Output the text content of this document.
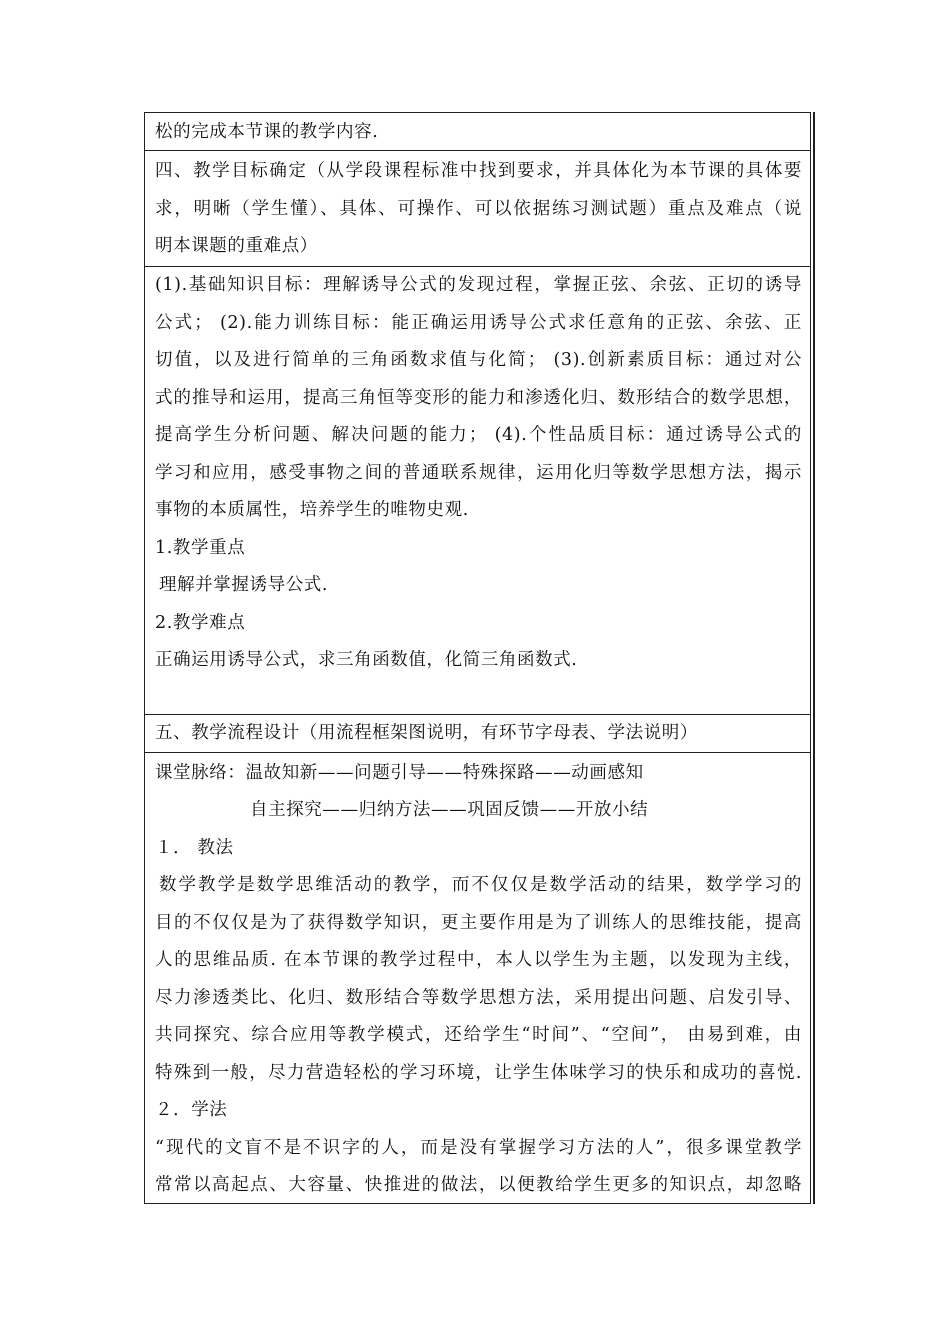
松的完成本节课的教学内容.
四、教学目标确定（从学段课程标准中找到要求，并具体化为本节课的具体要
求，明晰（学生懂）、具体、可操作、可以依据练习测试题）重点及难点（说
明本课题的重难点）
(1).基础知识目标：理解诱导公式的发现过程，掌握正弦、余弦、正切的诱导
公式； (2).能力训练目标：能正确运用诱导公式求任意角的正弦、余弦、正
切值，以及进行简单的三角函数求值与化简； (3).创新素质目标：通过对公
式的推导和运用，提高三角恒等变形的能力和渗透化归、数形结合的数学思想，
提高学生分析问题、解决问题的能力； (4).个性品质目标：通过诱导公式的
学习和应用，感受事物之间的普通联系规律，运用化归等数学思想方法，揭示
事物的本质属性，培养学生的唯物史观.
1.教学重点
理解并掌握诱导公式.
2.教学难点
正确运用诱导公式，求三角函数值，化简三角函数式.
五、教学流程设计（用流程框架图说明，有环节字母表、学法说明）
课堂脉络：温故知新——问题引导——特殊探路——动画感知
自主探究——归纳方法——巩固反馈——开放小结
１． 教法
数学教学是数学思维活动的教学，而不仅仅是数学活动的结果，数学学习的
目的不仅仅是为了获得数学知识，更主要作用是为了训练人的思维技能，提高
人的思维品质. 在本节课的教学过程中，本人以学生为主题，以发现为主线，
尽力渗透类比、化归、数形结合等数学思想方法，采用提出问题、启发引导、
共同探究、综合应用等教学模式，还给学生“时间”、“空间”， 由易到难，由
特殊到一般，尽力营造轻松的学习环境，让学生体味学习的快乐和成功的喜悦.
２．学法
“现代的文盲不是不识字的人，而是没有掌握学习方法的人”，很多课堂教学
常常以高起点、大容量、快推进的做法，以便教给学生更多的知识点，却忽略
